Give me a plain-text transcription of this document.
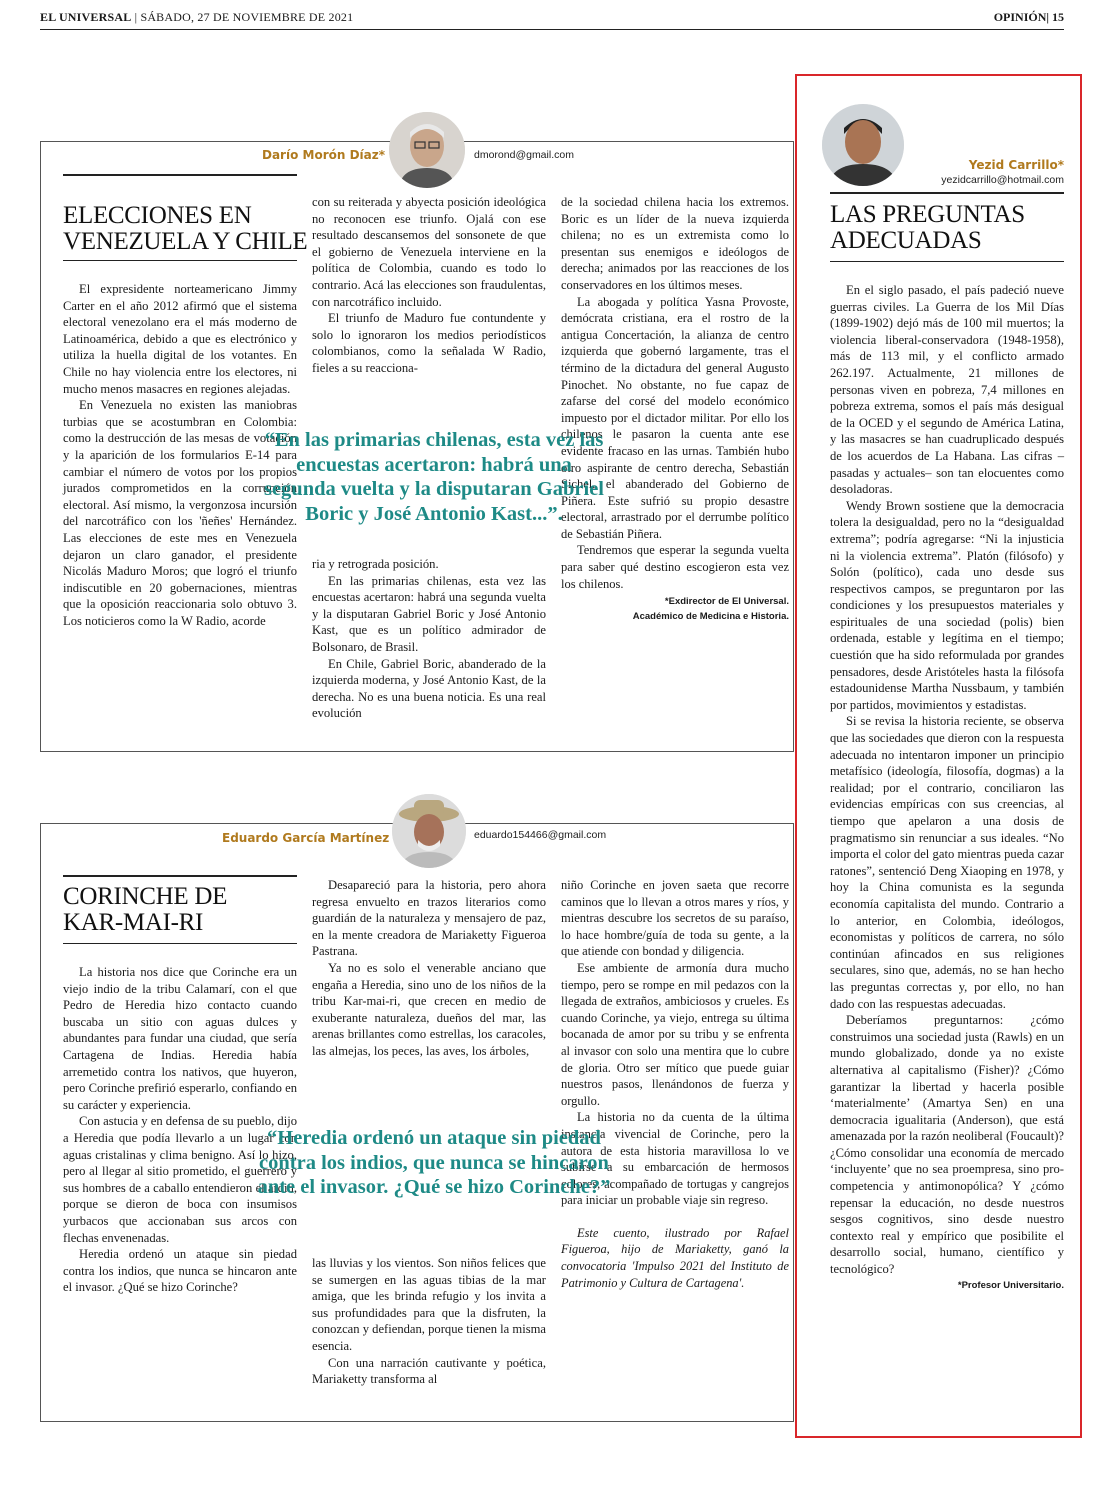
EL UNIVERSAL | SÁBADO, 27 DE NOVIEMBRE DE 2021	OPINIÓN| 15
Darío Morón Díaz*	dmorond@gmail.com
ELECCIONES EN
VENEZUELA Y CHILE

El expresidente norteamericano Jimmy Carter en el año 2012 afirmó que el sistema electoral venezolano era el más moderno de Latinoamérica, debido a que es electrónico y utiliza la huella digital de los votantes. En Chile no hay violencia entre los electores, ni mucho menos masacres en regiones alejadas.

En Venezuela no existen las maniobras turbias que se acostumbran en Colombia: como la destrucción de las mesas de votación y la aparición de los formularios E-14 para cambiar el número de votos por los propios jurados comprometidos en la corrupción electoral. Así mismo, la vergonzosa incursión del narcotráfico con los 'ñeñes' Hernández. Las elecciones de este mes en Venezuela dejaron un claro ganador, el presidente Nicolás Maduro Moros; que logró el triunfo indiscutible en 20 gobernaciones, mientras que la oposición reaccionaria solo obtuvo 3. Los noticieros como la W Radio, acorde

con su reiterada y abyecta posición ideológica no reconocen ese triunfo. Ojalá con ese resultado descansemos del sonsonete de que el gobierno de Venezuela interviene en la política de Colombia, cuando es todo lo contrario. Acá las elecciones son fraudulentas, con narcotráfico incluido.

El triunfo de Maduro fue contundente y solo lo ignoraron los medios periodísticos colombianos, como la señalada W Radio, fieles a su reacciona-

ria y retrograda posición.

En las primarias chilenas, esta vez las encuestas acertaron: habrá una segunda vuelta y la disputaran Gabriel Boric y José Antonio Kast, que es un político admirador de Bolsonaro, de Brasil.

En Chile, Gabriel Boric, abanderado de la izquierda moderna, y José Antonio Kast, de la derecha. No es una buena noticia. Es una real evolución

de la sociedad chilena hacia los extremos. Boric es un líder de la nueva izquierda chilena; no es un extremista como lo presentan sus enemigos e ideólogos de derecha; animados por las reacciones de los conservadores en los últimos meses.

La abogada y política Yasna Provoste, demócrata cristiana, era el rostro de la antigua Concertación, la alianza de centro izquierda que gobernó largamente, tras el término de la dictadura del general Augusto Pinochet. No obstante, no fue capaz de zafarse del corsé del modelo económico impuesto por el dictador militar. Por ello los chilenos le pasaron la cuenta ante ese evidente fracaso en las urnas. También hubo otro aspirante de centro derecha, Sebastián Sichel, el abanderado del Gobierno de Piñera. Este sufrió su propio desastre electoral, arrastrado por el derrumbe político de Sebastián Piñera.

Tendremos que esperar la segunda vuelta para saber qué destino escogieron esta vez los chilenos.

*Exdirector de El Universal.
Académico de Medicina e Historia.
“En las primarias chilenas, esta vez las encuestas acertaron: habrá una segunda vuelta y la disputaran Gabriel Boric y José Antonio Kast...”.
Eduardo García Martínez	eduardo154466@gmail.com
CORINCHE DE
KAR-MAI-RI

La historia nos dice que Corinche era un viejo indio de la tribu Calamarí, con el que Pedro de Heredia hizo contacto cuando buscaba un sitio con aguas dulces y abundantes para fundar una ciudad, que sería Cartagena de Indias. Heredia había arremetido contra los nativos, que huyeron, pero Corinche prefirió esperarlo, confiando en su carácter y experiencia.

Con astucia y en defensa de su pueblo, dijo a Heredia que podía llevarlo a un lugar con aguas cristalinas y clima benigno. Así lo hizo, pero al llegar al sitio prometido, el guerrero y sus hombres de a caballo entendieron el ardid, porque se dieron de boca con insumisos yurbacos que accionaban sus arcos con flechas envenenadas.

Heredia ordenó un ataque sin piedad contra los indios, que nunca se hincaron ante el invasor. ¿Qué se hizo Corinche?

Desapareció para la historia, pero ahora regresa envuelto en trazos literarios como guardián de la naturaleza y mensajero de paz, en la mente creadora de Mariaketty Figueroa Pastrana.

Ya no es solo el venerable anciano que engaña a Heredia, sino uno de los niños de la tribu Kar-mai-ri, que crecen en medio de exuberante naturaleza, dueños del mar, las arenas brillantes como estrellas, los caracoles, las almejas, los peces, las aves, los árboles,

las lluvias y los vientos. Son niños felices que se sumergen en las aguas tibias de la mar amiga, que les brinda refugio y los invita a sus profundidades para que la disfruten, la conozcan y defiendan, porque tienen la misma esencia.

Con una narración cautivante y poética, Mariaketty transforma al

niño Corinche en joven saeta que recorre caminos que lo llevan a otros mares y ríos, y mientras descubre los secretos de su paraíso, lo hace hombre/guía de toda su gente, a la que atiende con bondad y diligencia.

Ese ambiente de armonía dura mucho tiempo, pero se rompe en mil pedazos con la llegada de extraños, ambiciosos y crueles. Es cuando Corinche, ya viejo, entrega su última bocanada de amor por su tribu y se enfrenta al invasor con solo una mentira que lo cubre de gloria. Otro ser mítico que puede guiar nuestros pasos, llenándonos de fuerza y orgullo.

La historia no da cuenta de la última instancia vivencial de Corinche, pero la autora de esta historia maravillosa lo ve subirse a su embarcación de hermosos colores, acompañado de tortugas y cangrejos para iniciar un probable viaje sin regreso.

Este cuento, ilustrado por Rafael Figueroa, hijo de Mariaketty, ganó la convocatoria 'Impulso 2021 del Instituto de Patrimonio y Cultura de Cartagena'.
“Heredia ordenó un ataque sin piedad contra los indios, que nunca se hincaron ante el invasor. ¿Qué se hizo Corinche?”
Yezid Carrillo*
yezidcarrillo@hotmail.com
LAS PREGUNTAS
ADECUADAS

En el siglo pasado, el país padeció nueve guerras civiles. La Guerra de los Mil Días (1899-1902) dejó más de 100 mil muertos; la violencia liberal-conservadora (1948-1958), más de 113 mil, y el conflicto armado 262.197. Actualmente, 21 millones de personas viven en pobreza, 7,4 millones en pobreza extrema, somos el país más desigual de la OCED y el segundo de América Latina, y las masacres se han cuadruplicado después de los acuerdos de La Habana. Las cifras –pasadas y actuales– son tan elocuentes como desoladoras.

Wendy Brown sostiene que la democracia tolera la desigualdad, pero no la “desigualdad extrema”; podría agregarse: “Ni la injusticia ni la violencia extrema”. Platón (filósofo) y Solón (político), cada uno desde sus respectivos campos, se preguntaron por las condiciones y los presupuestos materiales y espirituales de una sociedad (polis) bien ordenada, estable y legítima en el tiempo; cuestión que ha sido reformulada por grandes pensadores, desde Aristóteles hasta la filósofa estadounidense Martha Nussbaum, y también por partidos, movimientos y estadistas.

Si se revisa la historia reciente, se observa que las sociedades que dieron con la respuesta adecuada no intentaron imponer un principio metafísico (ideología, filosofía, dogmas) a la realidad; por el contrario, conciliaron las evidencias empíricas con sus creencias, al tiempo que apelaron a una dosis de pragmatismo sin renunciar a sus ideales. “No importa el color del gato mientras pueda cazar ratones”, sentenció Deng Xiaoping en 1978, y hoy la China comunista es la segunda economía capitalista del mundo. Contrario a lo anterior, en Colombia, ideólogos, economistas y políticos de carrera, no sólo continúan afincados en sus religiones seculares, sino que, además, no se han hecho las preguntas correctas y, por ello, no han dado con las respuestas adecuadas.

Deberíamos preguntarnos: ¿cómo construimos una sociedad justa (Rawls) en un mundo globalizado, donde ya no existe alternativa al capitalismo (Fisher)? ¿Cómo garantizar la libertad y hacerla posible ‘materialmente’ (Amartya Sen) en una democracia igualitaria (Anderson), que está amenazada por la razón neoliberal (Foucault)? ¿Cómo consolidar una economía de mercado ‘incluyente’ que no sea proempresa, sino pro-competencia y antimonopólica? Y ¿cómo repensar la educación, no desde nuestros sesgos cognitivos, sino desde nuestro contexto real y empírico que posibilite el desarrollo social, humano, científico y tecnológico?

*Profesor Universitario.
